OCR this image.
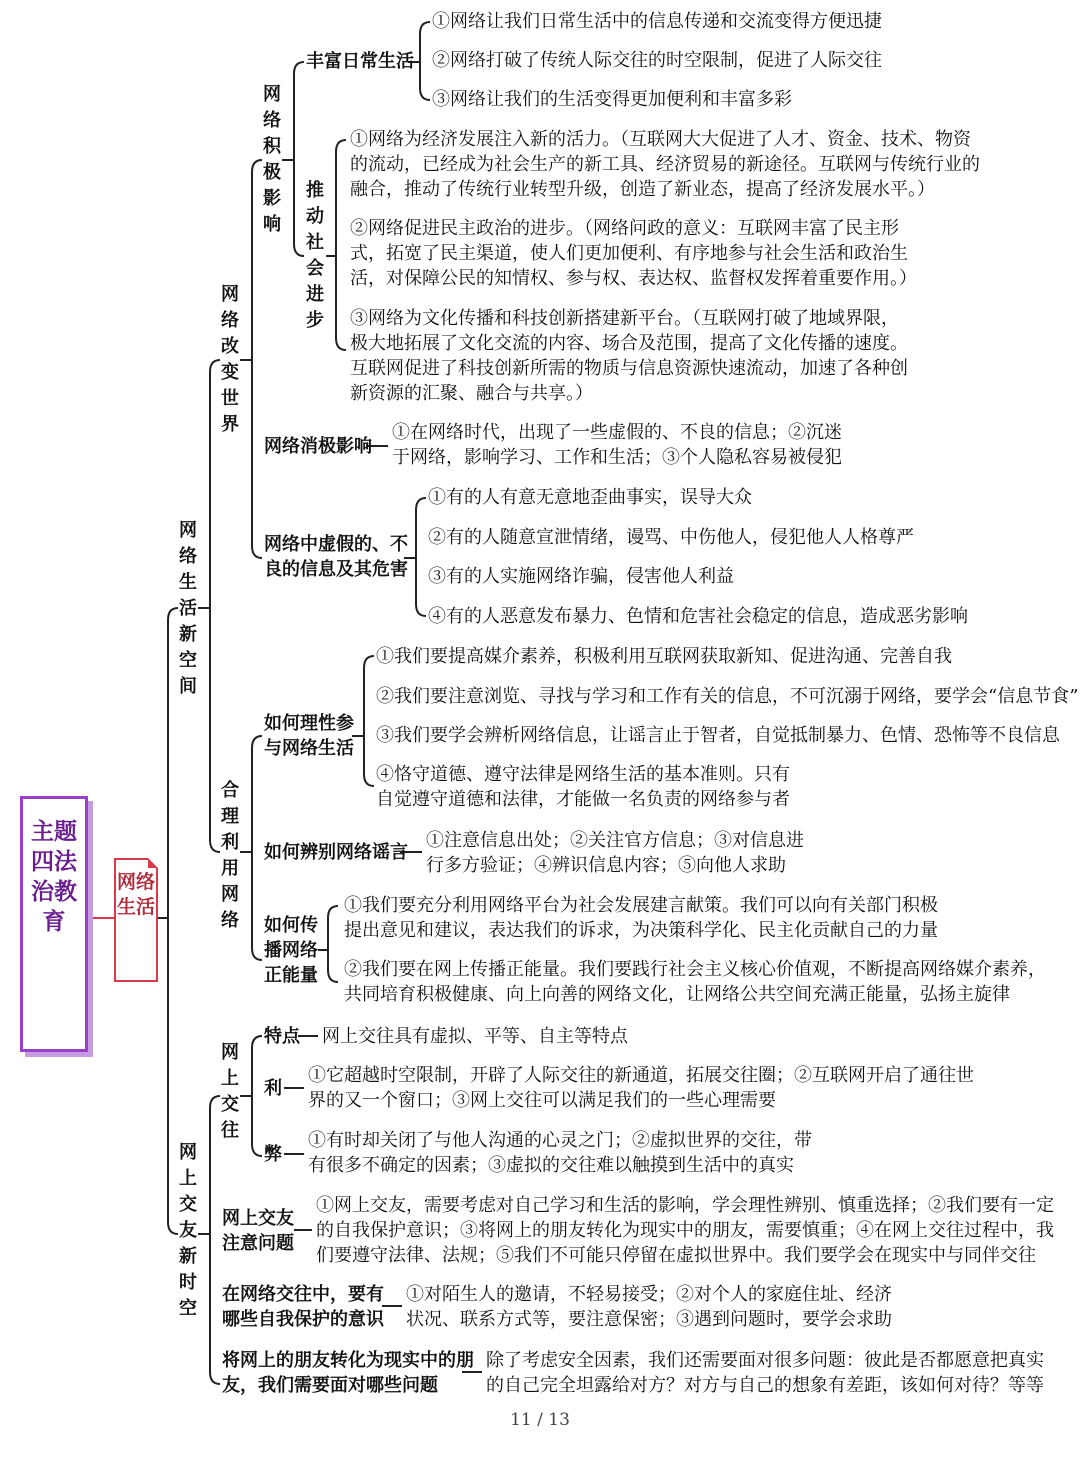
主题四法治教育
网络生活
网络生活新空间
网络改变世界
网络积极影响
丰富日常生活
①网络让我们日常生活中的信息传递和交流变得方便迅捷
②网络打破了传统人际交往的时空限制，促进了人际交往
③网络让我们的生活变得更加便利和丰富多彩
推动社会进步
①网络为经济发展注入新的活力。（互联网大大促进了人才、资金、技术、物资
的流动，已经成为社会生产的新工具、经济贸易的新途径。互联网与传统行业的
融合，推动了传统行业转型升级，创造了新业态，提高了经济发展水平。）
②网络促进民主政治的进步。（网络问政的意义：互联网丰富了民主形
式，拓宽了民主渠道，使人们更加便利、有序地参与社会生活和政治生
活，对保障公民的知情权、参与权、表达权、监督权发挥着重要作用。）
③网络为文化传播和科技创新搭建新平台。（互联网打破了地域界限，
极大地拓展了文化交流的内容、场合及范围，提高了文化传播的速度。
互联网促进了科技创新所需的物质与信息资源快速流动，加速了各种创
新资源的汇聚、融合与共享。）
网络消极影响
①在网络时代，出现了一些虚假的、不良的信息；②沉迷
于网络，影响学习、工作和生活；③个人隐私容易被侵犯
网络中虚假的、不
良的信息及其危害
①有的人有意无意地歪曲事实，误导大众
②有的人随意宣泄情绪，谩骂、中伤他人，侵犯他人人格尊严
③有的人实施网络诈骗，侵害他人利益
④有的人恶意发布暴力、色情和危害社会稳定的信息，造成恶劣影响
合理利用网络
如何理性参
与网络生活
①我们要提高媒介素养，积极利用互联网获取新知、促进沟通、完善自我
②我们要注意浏览、寻找与学习和工作有关的信息，不可沉溺于网络，要学会“信息节食”
③我们要学会辨析网络信息，让谣言止于智者，自觉抵制暴力、色情、恐怖等不良信息
④恪守道德、遵守法律是网络生活的基本准则。只有
自觉遵守道德和法律，才能做一名负责的网络参与者
如何辨别网络谣言
①注意信息出处；②关注官方信息；③对信息进
行多方验证；④辨识信息内容；⑤向他人求助
如何传
播网络
正能量
①我们要充分利用网络平台为社会发展建言献策。我们可以向有关部门积极
提出意见和建议，表达我们的诉求，为决策科学化、民主化贡献自己的力量
②我们要在网上传播正能量。我们要践行社会主义核心价值观，不断提高网络媒介素养，
共同培育积极健康、向上向善的网络文化，让网络公共空间充满正能量，弘扬主旋律
网上交友新时空
网上交往
特点 网上交往具有虚拟、平等、自主等特点
利
①它超越时空限制，开辟了人际交往的新通道，拓展交往圈；②互联网开启了通往世
界的又一个窗口；③网上交往可以满足我们的一些心理需要
弊
①有时却关闭了与他人沟通的心灵之门；②虚拟世界的交往，带
有很多不确定的因素；③虚拟的交往难以触摸到生活中的真实
网上交友
注意问题
①网上交友，需要考虑对自己学习和生活的影响，学会理性辨别、慎重选择；②我们要有一定
的自我保护意识；③将网上的朋友转化为现实中的朋友，需要慎重；④在网上交往过程中，我
们要遵守法律、法规；⑤我们不可能只停留在虚拟世界中。我们要学会在现实中与同伴交往
在网络交往中，要有
哪些自我保护的意识
①对陌生人的邀请，不轻易接受；②对个人的家庭住址、经济
状况、联系方式等，要注意保密；③遇到问题时，要学会求助
将网上的朋友转化为现实中的朋
友，我们需要面对哪些问题
除了考虑安全因素，我们还需要面对很多问题：彼此是否都愿意把真实
的自己完全坦露给对方？对方与自己的想象有差距，该如何对待？等等
11 / 13
